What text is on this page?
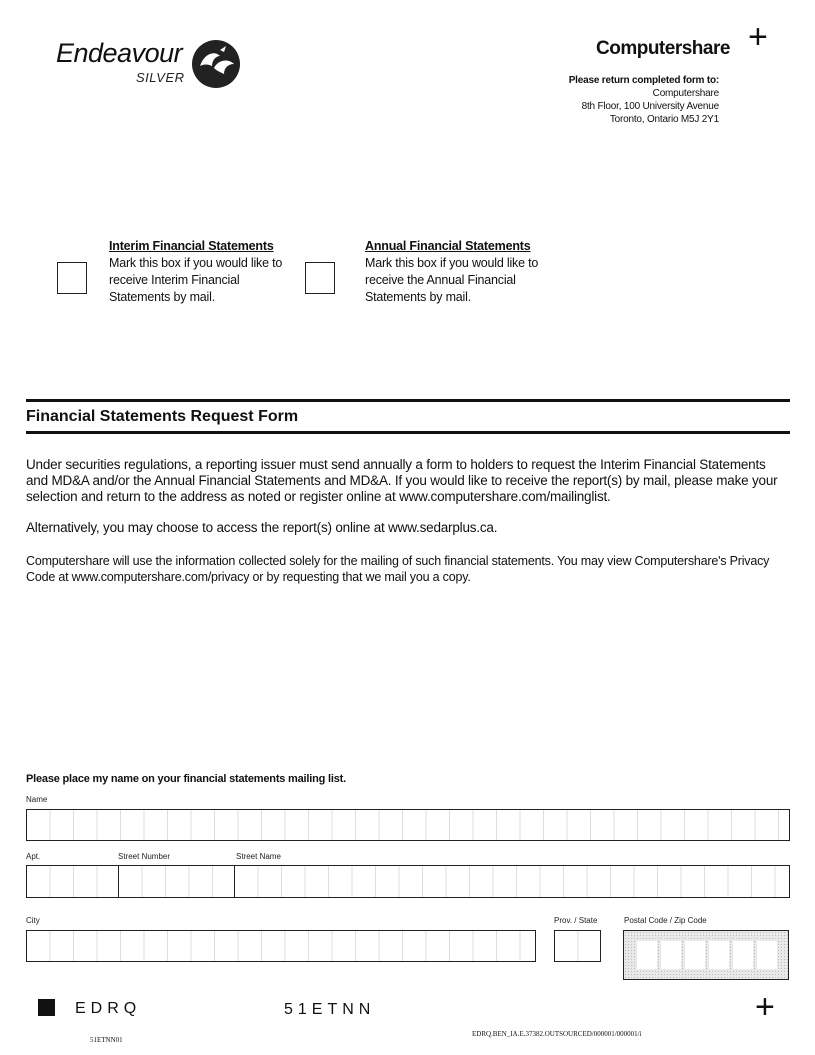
Endeavour
SILVER
Computershare
Please return completed form to:
Computershare
8th Floor, 100 University Avenue
Toronto, Ontario M5J 2Y1
+
Interim Financial Statements
Mark this box if you would like to receive Interim Financial Statements by mail.
Annual Financial Statements
Mark this box if you would like to receive the Annual Financial Statements by mail.
Financial Statements Request Form
Under securities regulations, a reporting issuer must send annually a form to holders to request the Interim Financial Statements and MD&A and/or the Annual Financial Statements and MD&A. If you would like to receive the report(s) by mail, please make your selection and return to the address as noted or register online at www.computershare.com/mailinglist.
Alternatively, you may choose to access the report(s) online at www.sedarplus.ca.
Computershare will use the information collected solely for the mailing of such financial statements. You may view Computershare's Privacy Code at www.computershare.com/privacy or by requesting that we mail you a copy.
Please place my name on your financial statements mailing list.
Name
Apt.	Street Number	Street Name
City	Prov. / State	Postal Code / Zip Code
EDRQ	51ETNN
51ETNN01
EDRQ.BEN_IA.E.37382.OUTSOURCED/000001/000001/i
+
